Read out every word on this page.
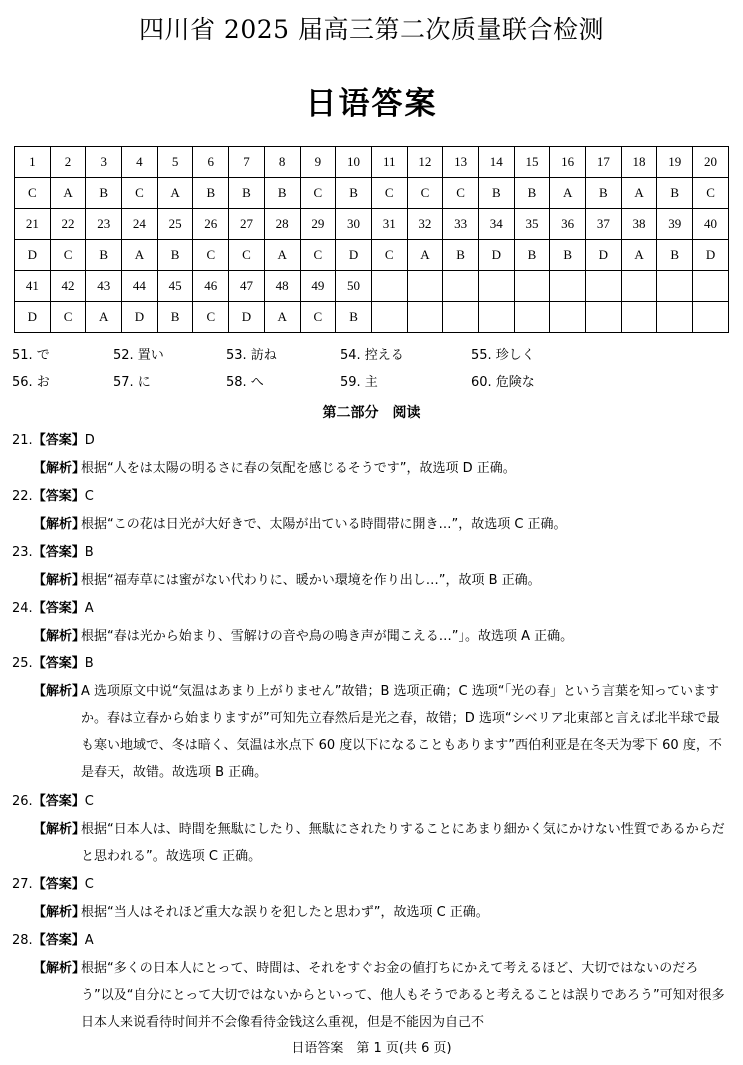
四川省 2025 届高三第二次质量联合检测
日语答案
1	2	3	4	5	6	7	8	9	10	11	12	13	14	15	16	17	18	19	20
C	A	B	C	A	B	B	B	C	B	C	C	C	B	B	A	B	A	B	C
21	22	23	24	25	26	27	28	29	30	31	32	33	34	35	36	37	38	39	40
D	C	B	A	B	C	C	A	C	D	C	A	B	D	B	B	D	A	B	D
41	42	43	44	45	46	47	48	49	50										
D	C	A	D	B	C	D	A	C	B										
51. で	52. 置い	53. 訪ね	54. 控える	55. 珍しく
56. お	57. に	58. へ	59. 主	60. 危険な
第二部分　阅读
21.【答案】D
【解析】
根据“人をは太陽の明るさに春の気配を感じるそうです”，故选项 D 正确。
22.【答案】C
【解析】
根据“この花は日光が大好きで、太陽が出ている時間帯に開き…”，故选项 C 正确。
23.【答案】B
【解析】
根据“福寿草には蜜がない代わりに、暖かい環境を作り出し…”，故项 B 正确。
24.【答案】A
【解析】
根据“春は光から始まり、雪解けの音や鳥の鳴き声が聞こえる…”」。故选项 A 正确。
25.【答案】B
【解析】
A 选项原文中说“気温はあまり上がりません”故错；B 选项正确；C 选项“「光の春」という言葉を知っていますか。春は立春から始まりますが”可知先立春然后是光之春，故错；D 选项“シベリア北東部と言えば北半球で最も寒い地域で、冬は暗く、気温は氷点下 60 度以下になることもあります”西伯利亚是在冬天为零下 60 度，不是春天，故错。故选项 B 正确。
26.【答案】C
【解析】
根据“日本人は、時間を無駄にしたり、無駄にされたりすることにあまり細かく気にかけない性質であるからだと思われる”。故选项 C 正确。
27.【答案】C
【解析】
根据“当人はそれほど重大な誤りを犯したと思わず”，故选项 C 正确。
28.【答案】A
【解析】
根据“多くの日本人にとって、時間は、それをすぐお金の値打ちにかえて考えるほど、大切ではないのだろう”以及“自分にとって大切ではないからといって、他人もそうであると考えることは誤りであろう”可知对很多日本人来说看待时间并不会像看待金钱这么重视，但是不能因为自己不
日语答案　第 1 页(共 6 页)
